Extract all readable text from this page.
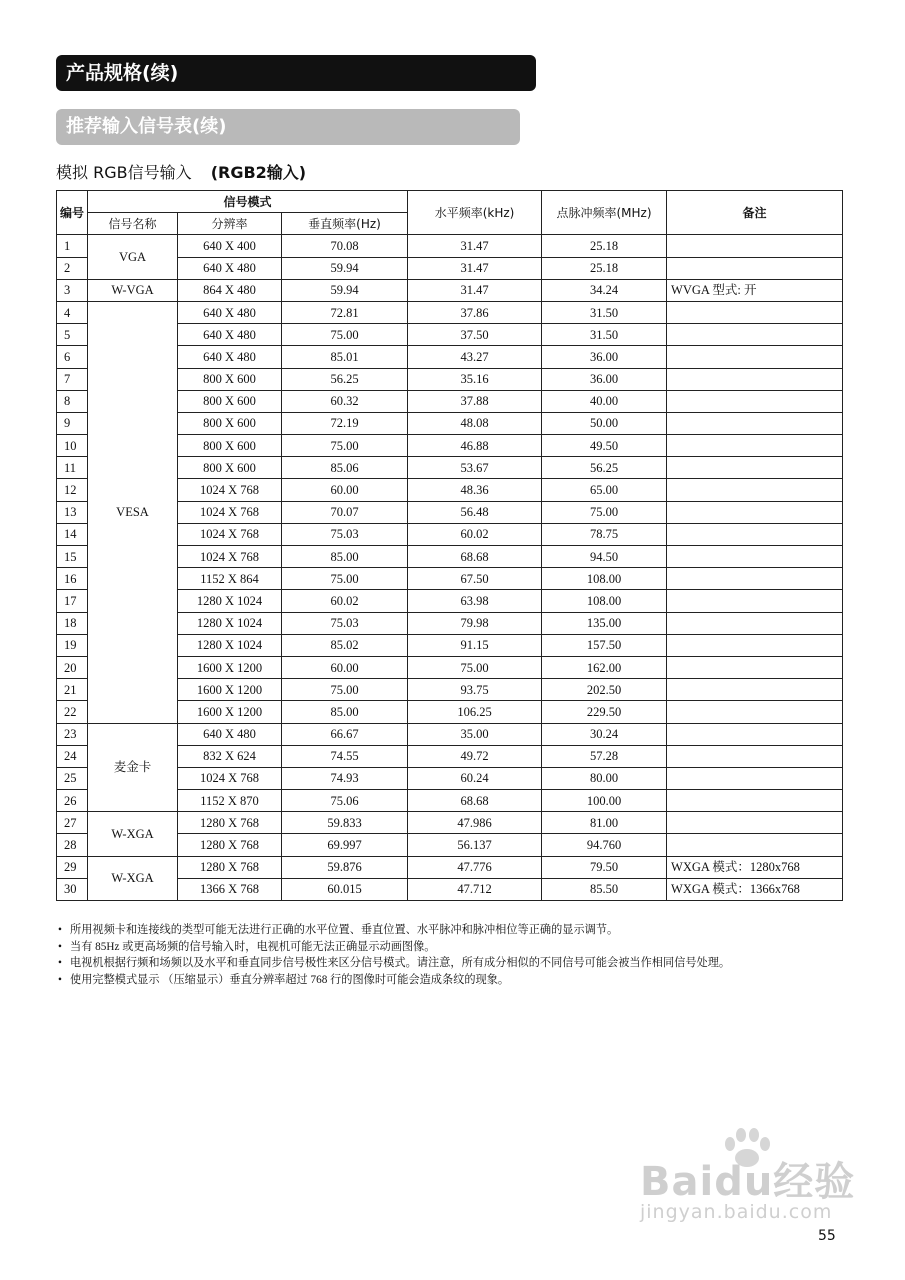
产品规格(续)
推荐输入信号表(续)
模拟 RGB信号输入 (RGB2输入)
编号	信号模式			水平频率(kHz)	点脉冲频率(MHz)	备注
	信号名称	分辨率	垂直频率(Hz)			
1	VGA	640 X 400	70.08	31.47	25.18	
2		640 X 480	59.94	31.47	25.18	
3	W-VGA	864 X 480	59.94	31.47	34.24	WVGA 型式: 开
4	VESA	640 X 480	72.81	37.86	31.50	
5		640 X 480	75.00	37.50	31.50	
6		640 X 480	85.01	43.27	36.00	
7		800 X 600	56.25	35.16	36.00	
8		800 X 600	60.32	37.88	40.00	
9		800 X 600	72.19	48.08	50.00	
10		800 X 600	75.00	46.88	49.50	
11		800 X 600	85.06	53.67	56.25	
12		1024 X 768	60.00	48.36	65.00	
13		1024 X 768	70.07	56.48	75.00	
14		1024 X 768	75.03	60.02	78.75	
15		1024 X 768	85.00	68.68	94.50	
16		1152 X 864	75.00	67.50	108.00	
17		1280 X 1024	60.02	63.98	108.00	
18		1280 X 1024	75.03	79.98	135.00	
19		1280 X 1024	85.02	91.15	157.50	
20		1600 X 1200	60.00	75.00	162.00	
21		1600 X 1200	75.00	93.75	202.50	
22		1600 X 1200	85.00	106.25	229.50	
23	麦金卡	640 X 480	66.67	35.00	30.24	
24		832 X 624	74.55	49.72	57.28	
25		1024 X 768	74.93	60.24	80.00	
26		1152 X 870	75.06	68.68	100.00	
27	W-XGA	1280 X 768	59.833	47.986	81.00	
28		1280 X 768	69.997	56.137	94.760	
29	W-XGA	1280 X 768	59.876	47.776	79.50	WXGA 模式：1280x768
30		1366 X 768	60.015	47.712	85.50	WXGA 模式：1366x768
• 所用视频卡和连接线的类型可能无法进行正确的水平位置、垂直位置、水平脉冲和脉冲相位等正确的显示调节。
• 当有 85Hz 或更高场频的信号输入时，电视机可能无法正确显示动画图像。
• 电视机根据行频和场频以及水平和垂直同步信号极性来区分信号模式。请注意，所有成分相似的不同信号可能会被当作相同信号处理。
• 使用完整模式显示 （压缩显示）垂直分辨率超过 768 行的图像时可能会造成条纹的现象。
Baidu经验
jingyan.baidu.com
55
